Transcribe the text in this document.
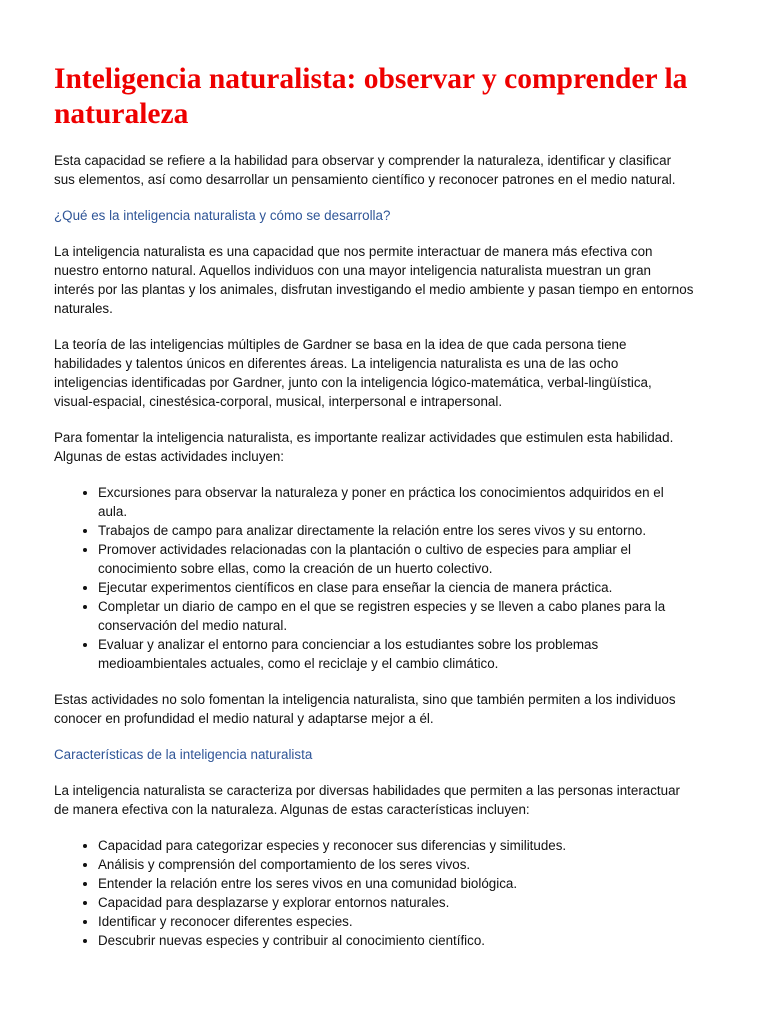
Inteligencia naturalista: observar y comprender la naturaleza

Esta capacidad se refiere a la habilidad para observar y comprender la naturaleza, identificar y clasificar sus elementos, así como desarrollar un pensamiento científico y reconocer patrones en el medio natural.

¿Qué es la inteligencia naturalista y cómo se desarrolla?

La inteligencia naturalista es una capacidad que nos permite interactuar de manera más efectiva con nuestro entorno natural. Aquellos individuos con una mayor inteligencia naturalista muestran un gran interés por las plantas y los animales, disfrutan investigando el medio ambiente y pasan tiempo en entornos naturales.

La teoría de las inteligencias múltiples de Gardner se basa en la idea de que cada persona tiene habilidades y talentos únicos en diferentes áreas. La inteligencia naturalista es una de las ocho inteligencias identificadas por Gardner, junto con la inteligencia lógico-matemática, verbal-lingüística, visual-espacial, cinestésica-corporal, musical, interpersonal e intrapersonal.

Para fomentar la inteligencia naturalista, es importante realizar actividades que estimulen esta habilidad. Algunas de estas actividades incluyen:

• Excursiones para observar la naturaleza y poner en práctica los conocimientos adquiridos en el aula.
• Trabajos de campo para analizar directamente la relación entre los seres vivos y su entorno.
• Promover actividades relacionadas con la plantación o cultivo de especies para ampliar el conocimiento sobre ellas, como la creación de un huerto colectivo.
• Ejecutar experimentos científicos en clase para enseñar la ciencia de manera práctica.
• Completar un diario de campo en el que se registren especies y se lleven a cabo planes para la conservación del medio natural.
• Evaluar y analizar el entorno para concienciar a los estudiantes sobre los problemas medioambientales actuales, como el reciclaje y el cambio climático.

Estas actividades no solo fomentan la inteligencia naturalista, sino que también permiten a los individuos conocer en profundidad el medio natural y adaptarse mejor a él.

Características de la inteligencia naturalista

La inteligencia naturalista se caracteriza por diversas habilidades que permiten a las personas interactuar de manera efectiva con la naturaleza. Algunas de estas características incluyen:

• Capacidad para categorizar especies y reconocer sus diferencias y similitudes.
• Análisis y comprensión del comportamiento de los seres vivos.
• Entender la relación entre los seres vivos en una comunidad biológica.
• Capacidad para desplazarse y explorar entornos naturales.
• Identificar y reconocer diferentes especies.
• Descubrir nuevas especies y contribuir al conocimiento científico.
